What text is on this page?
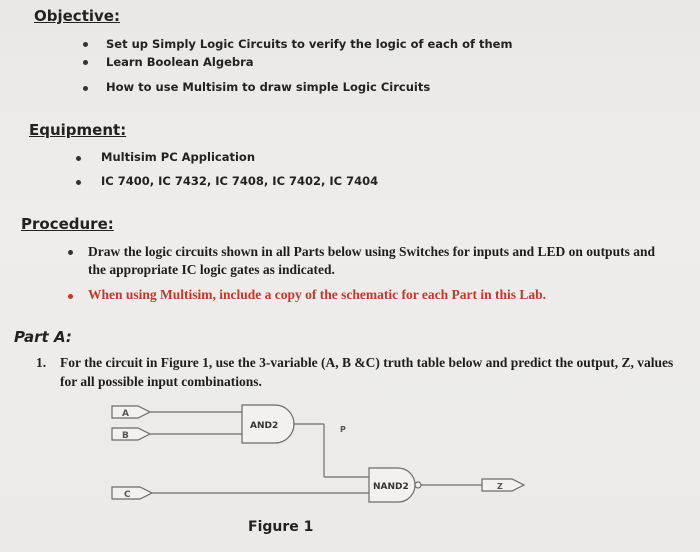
Objective:
Set up Simply Logic Circuits to verify the logic of each of them
Learn Boolean Algebra
How to use Multisim to draw simple Logic Circuits
Equipment:
Multisim PC Application
IC 7400, IC 7432, IC 7408, IC 7402, IC 7404
Procedure:
Draw the logic circuits shown in all Parts below using Switches for inputs and LED on outputs and the appropriate IC logic gates as indicated.
When using Multisim, include a copy of the schematic for each Part in this Lab.
Part A:
1. For the circuit in Figure 1, use the 3-variable (A, B &C) truth table below and predict the output, Z, values for all possible input combinations.
A
B
C
AND2
NAND2
P
Z
Figure 1
